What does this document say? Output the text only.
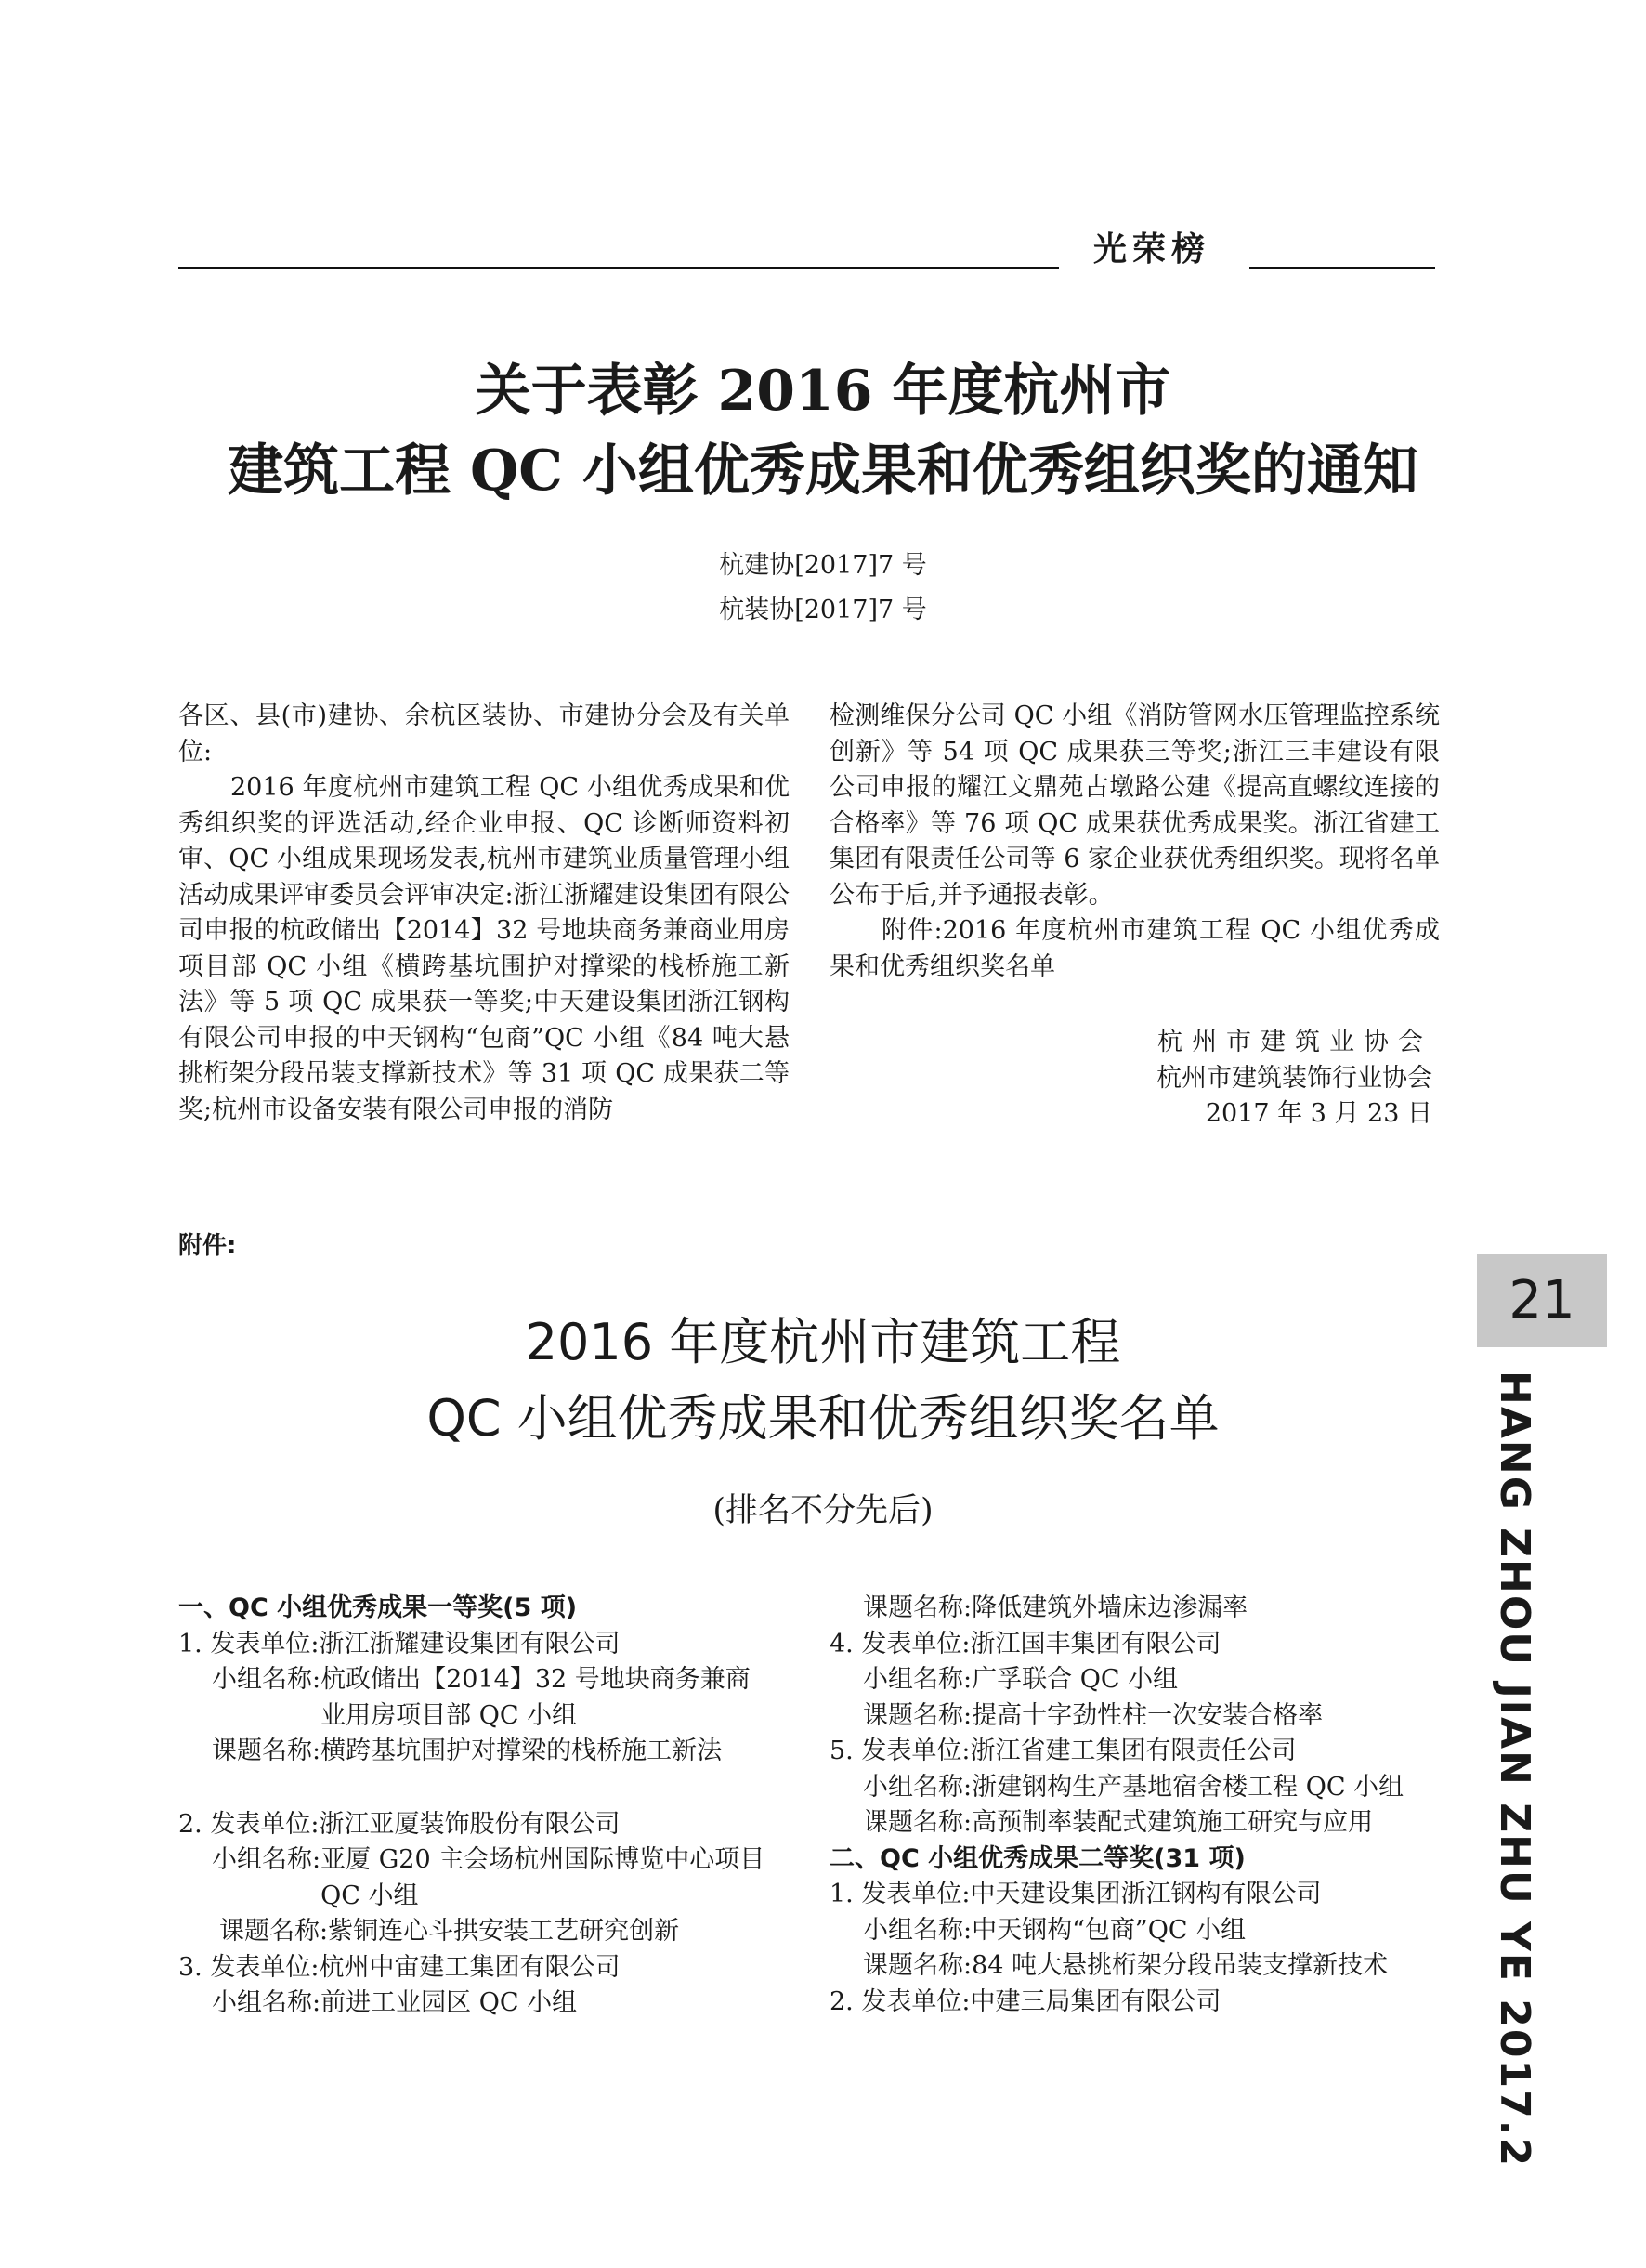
光荣榜
关于表彰 2016 年度杭州市
建筑工程 QC 小组优秀成果和优秀组织奖的通知
杭建协[2017]7 号
杭装协[2017]7 号

各区、县(市)建协、余杭区装协、市建协分会及有关单位:

2016 年度杭州市建筑工程 QC 小组优秀成果和优秀组织奖的评选活动,经企业申报、QC 诊断师资料初审、QC 小组成果现场发表,杭州市建筑业质量管理小组活动成果评审委员会评审决定:浙江浙耀建设集团有限公司申报的杭政储出【2014】32 号地块商务兼商业用房项目部 QC 小组《横跨基坑围护对撑梁的栈桥施工新法》等 5 项 QC 成果获一等奖;中天建设集团浙江钢构有限公司申报的中天钢构“包商”QC 小组《84 吨大悬挑桁架分段吊装支撑新技术》等 31 项 QC 成果获二等奖;杭州市设备安装有限公司申报的消防

检测维保分公司 QC 小组《消防管网水压管理监控系统创新》等 54 项 QC 成果获三等奖;浙江三丰建设有限公司申报的耀江文鼎苑古墩路公建《提高直螺纹连接的合格率》等 76 项 QC 成果获优秀成果奖。浙江省建工集团有限责任公司等 6 家企业获优秀组织奖。现将名单公布于后,并予通报表彰。

附件:2016 年度杭州市建筑工程 QC 小组优秀成果和优秀组织奖名单

杭州市建筑业协会
杭州市建筑装饰行业协会
2017 年 3 月 23 日
附件:
2016 年度杭州市建筑工程
QC 小组优秀成果和优秀组织奖名单
(排名不分先后)
一、QC 小组优秀成果一等奖(5 项)
1. 发表单位: 浙江浙耀建设集团有限公司
小组名称: 杭政储出【2014】32 号地块商务兼商业用房项目部 QC 小组
课题名称: 横跨基坑围护对撑梁的栈桥施工新法
2. 发表单位: 浙江亚厦装饰股份有限公司
小组名称: 亚厦 G20 主会场杭州国际博览中心项目 QC 小组
课题名称: 紫铜连心斗拱安装工艺研究创新
3. 发表单位: 杭州中宙建工集团有限公司
小组名称: 前进工业园区 QC 小组
课题名称: 降低建筑外墙床边渗漏率
4. 发表单位: 浙江国丰集团有限公司
小组名称: 广孚联合 QC 小组
课题名称: 提高十字劲性柱一次安装合格率
5. 发表单位: 浙江省建工集团有限责任公司
小组名称: 浙建钢构生产基地宿舍楼工程 QC 小组
课题名称: 高预制率装配式建筑施工研究与应用
二、QC 小组优秀成果二等奖(31 项)
1. 发表单位: 中天建设集团浙江钢构有限公司
小组名称: 中天钢构“包商”QC 小组
课题名称: 84 吨大悬挑桁架分段吊装支撑新技术
2. 发表单位: 中建三局集团有限公司
21
HANG ZHOU JIAN ZHU YE 2017.2
